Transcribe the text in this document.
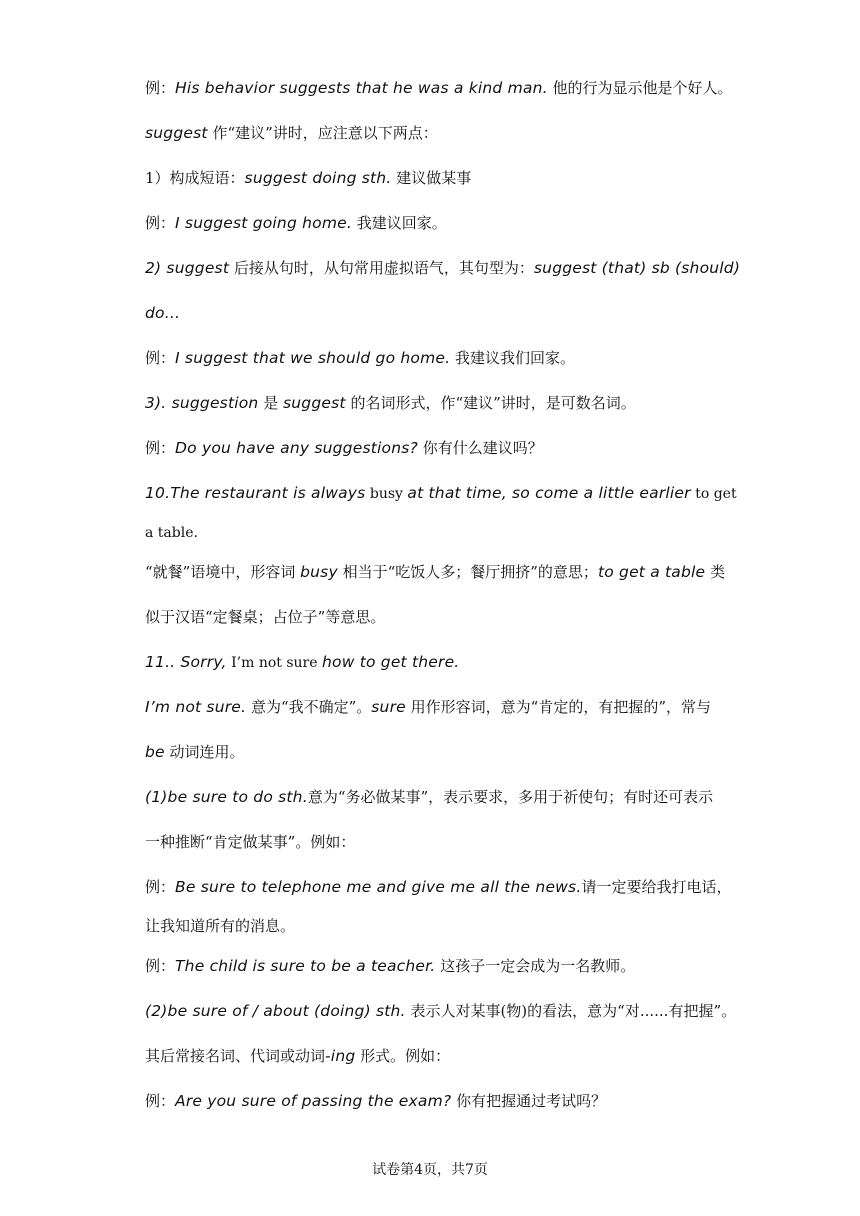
例：His behavior suggests that he was a kind man. 他的行为显示他是个好人。
suggest 作“建议”讲时，应注意以下两点：
1）构成短语：suggest doing sth. 建议做某事
例：I suggest going home. 我建议回家。
2) suggest 后接从句时，从句常用虚拟语气，其句型为：suggest (that) sb (should)
do...
例：I suggest that we should go home. 我建议我们回家。
3). suggestion 是 suggest 的名词形式，作“建议”讲时，是可数名词。
例：Do you have any suggestions? 你有什么建议吗？
10.The restaurant is always busy at that time, so come a little earlier to get
a table.
“就餐”语境中，形容词 busy 相当于“吃饭人多；餐厅拥挤”的意思；to get a table 类
似于汉语“定餐桌；占位子”等意思。
11.. Sorry, I’m not sure how to get there.
I’m not sure. 意为“我不确定”。sure 用作形容词，意为“肯定的，有把握的”，常与
be 动词连用。
(1)be sure to do sth.意为“务必做某事”，表示要求，多用于祈使句；有时还可表示
一种推断“肯定做某事”。例如：
例：Be sure to telephone me and give me all the news.请一定要给我打电话，
让我知道所有的消息。
例：The child is sure to be a teacher. 这孩子一定会成为一名教师。
(2)be sure of / about (doing) sth. 表示人对某事(物)的看法，意为“对......有把握”。
其后常接名词、代词或动词-ing 形式。例如：
例：Are you sure of passing the exam? 你有把握通过考试吗？
试卷第4页，共7页
